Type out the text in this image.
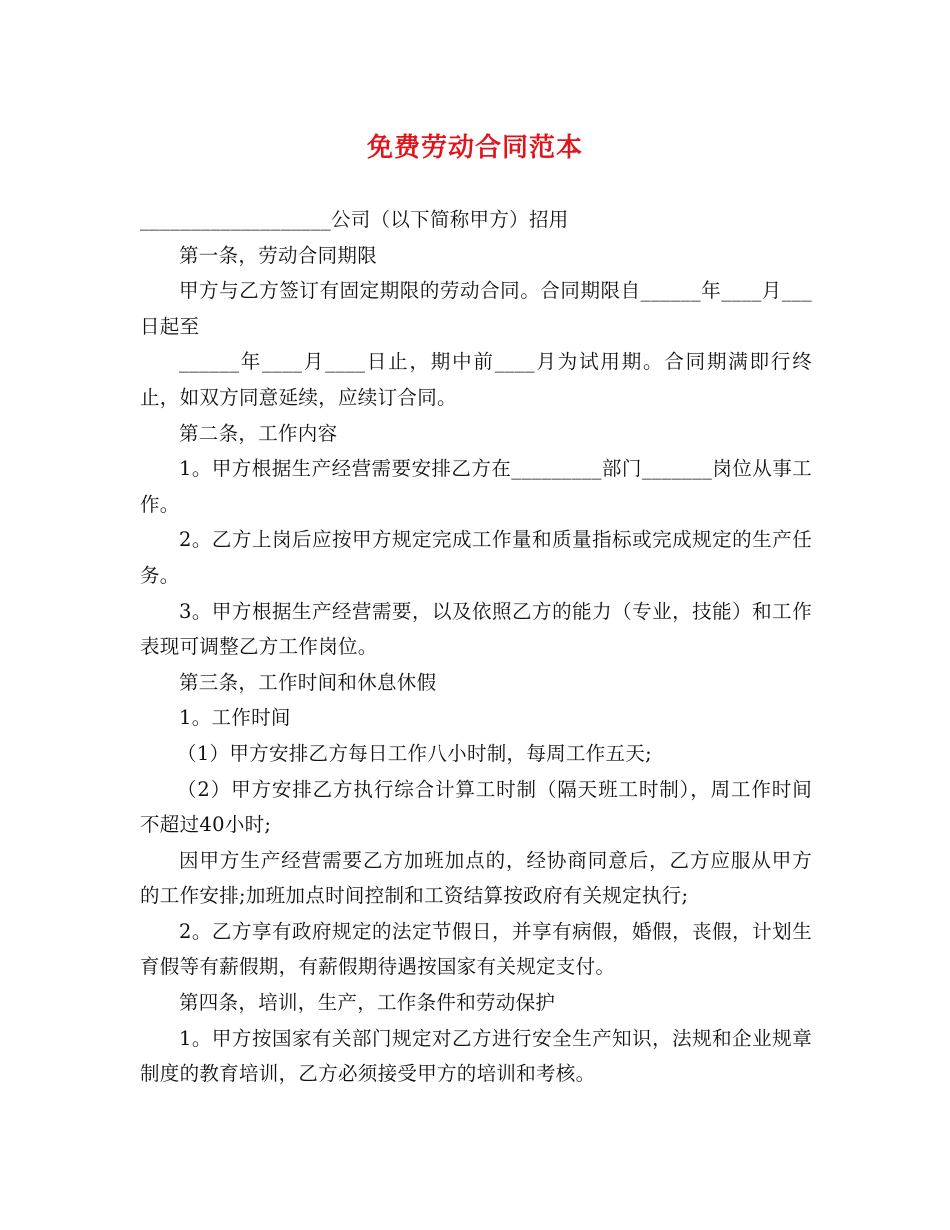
免费劳动合同范本

___________________公司（以下简称甲方）招用

第一条，劳动合同期限

甲方与乙方签订有固定期限的劳动合同。合同期限自______年____月___日起至

______年____月____日止，期中前____月为试用期。合同期满即行终止，如双方同意延续，应续订合同。

第二条，工作内容

1。甲方根据生产经营需要安排乙方在_________部门_______岗位从事工作。

2。乙方上岗后应按甲方规定完成工作量和质量指标或完成规定的生产任务。

3。甲方根据生产经营需要，以及依照乙方的能力（专业，技能）和工作表现可调整乙方工作岗位。

第三条，工作时间和休息休假

1。工作时间

（1）甲方安排乙方每日工作八小时制，每周工作五天;

（2）甲方安排乙方执行综合计算工时制（隔天班工时制），周工作时间不超过40小时;

因甲方生产经营需要乙方加班加点的，经协商同意后，乙方应服从甲方的工作安排;加班加点时间控制和工资结算按政府有关规定执行;

2。乙方享有政府规定的法定节假日，并享有病假，婚假，丧假，计划生育假等有薪假期，有薪假期待遇按国家有关规定支付。

第四条，培训，生产，工作条件和劳动保护

1。甲方按国家有关部门规定对乙方进行安全生产知识，法规和企业规章制度的教育培训，乙方必须接受甲方的培训和考核。
